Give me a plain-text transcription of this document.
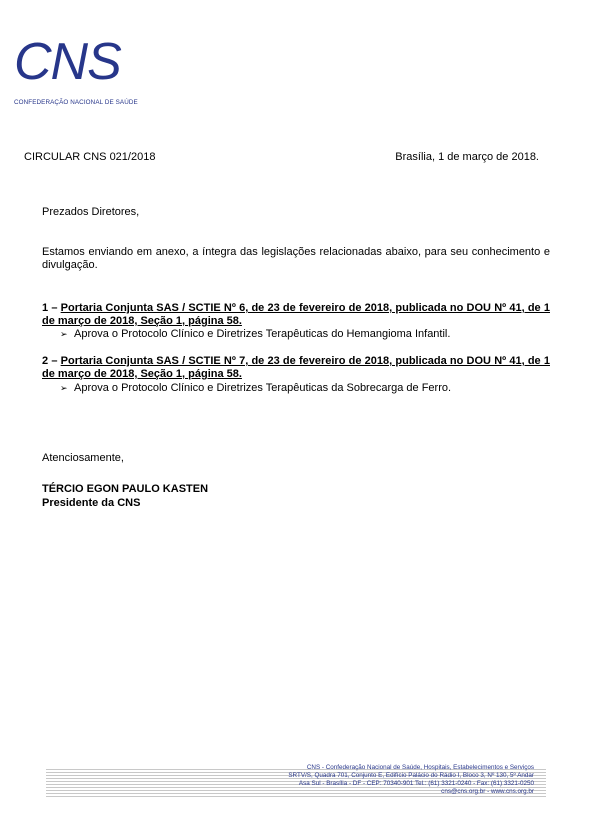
CNS
CONFEDERAÇÃO NACIONAL DE SAÚDE
CIRCULAR CNS 021/2018	Brasília, 1 de março de 2018.
Prezados Diretores,
Estamos enviando em anexo, a íntegra das legislações relacionadas abaixo, para seu conhecimento e divulgação.
1 – Portaria Conjunta SAS / SCTIE Nº 6, de 23 de fevereiro de 2018, publicada no DOU Nº 41, de 1 de março de 2018, Seção 1, página 58.
➢ Aprova o Protocolo Clínico e Diretrizes Terapêuticas do Hemangioma Infantil.
2 – Portaria Conjunta SAS / SCTIE Nº 7, de 23 de fevereiro de 2018, publicada no DOU Nº 41, de 1 de março de 2018, Seção 1, página 58.
➢ Aprova o Protocolo Clínico e Diretrizes Terapêuticas da Sobrecarga de Ferro.
Atenciosamente,
TÉRCIO EGON PAULO KASTEN
Presidente da CNS
CNS - Confederação Nacional de Saúde, Hospitais, Estabelecimentos e Serviços
SRTV/S, Quadra 701, Conjunto E, Edifício Palácio do Rádio I, Bloco 3, Nº 130, 5º Andar
Asa Sul - Brasília - DF - CEP: 70340-901 Tel.: (61) 3321-0240 - Fax: (61) 3321-0250
cns@cns.org.br - www.cns.org.br
